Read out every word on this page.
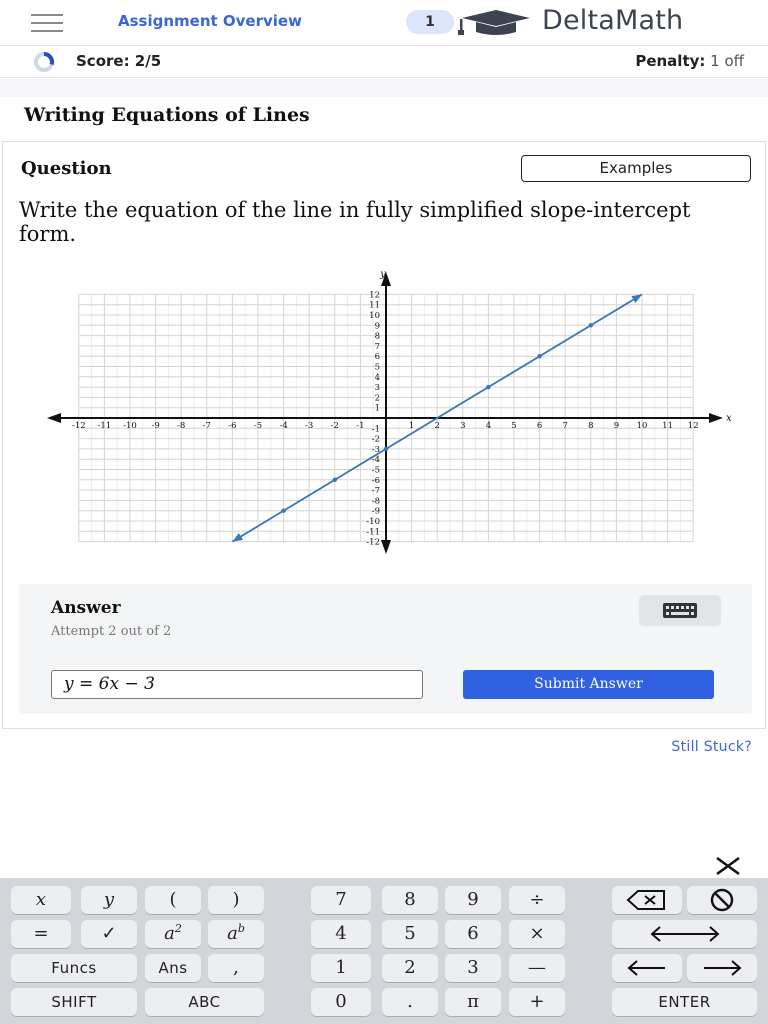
Assignment Overview	1	DeltaMath
Score: 2/5	Penalty: 1 off
Writing Equations of Lines
Question	Examples
Write the equation of the line in fully simplified slope-intercept form.
x
y
-12
-12
-11
-11
-10
-10
-9
-9
-8
-8
-7
-7
-6
-6
-5
-5
-4
-4
-3
-3
-2
-2
-1 -1	1
1
2
2
3
3
4
4
5
5
6
6
7
7
8
8
9
9
10
10
11
11
12
12
Answer
Attempt 2 out of 2
y = 6x − 3	Submit Answer
Still Stuck?
x	y	(	)	7	8	9	÷
=	✓	$a^2$	$a^b$	4	5	6	×
Funcs	Ans	,	1	2	3	—
SHIFT	ABC	0	.	π	+	ENTER
